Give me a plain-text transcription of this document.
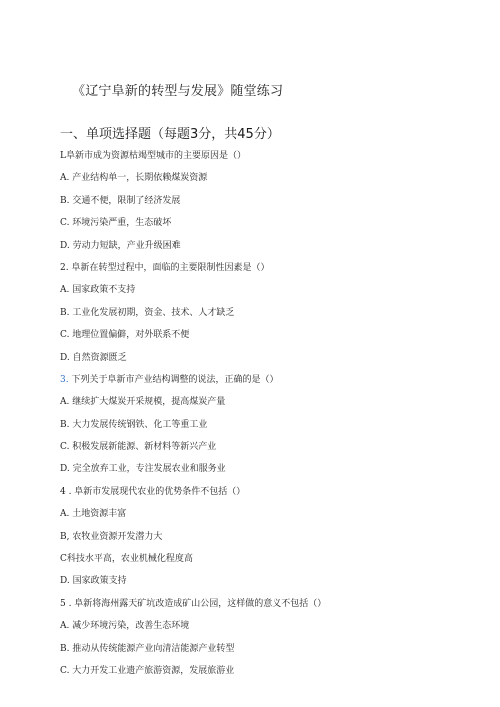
《辽宁阜新的转型与发展》随堂练习
一、单项选择题（每题3分，共45分）
L阜新市成为资源枯竭型城市的主要原因是（）
A. 产业结构单一，长期依赖煤炭资源
B. 交通不便，限制了经济发展
C. 环境污染严重，生态破坏
D. 劳动力短缺，产业升级困难
2. 阜新在转型过程中，面临的主要限制性因素是（）
A. 国家政策不支持
B. 工业化发展初期，资金、技术、人才缺乏
C. 地理位置偏僻，对外联系不便
D. 自然资源匮乏
3. 下列关于阜新市产业结构调整的说法，正确的是（）
A. 继续扩大煤炭开采规模，提高煤炭产量
B. 大力发展传统钢铁、化工等重工业
C. 积极发展新能源、新材料等新兴产业
D. 完全放弃工业，专注发展农业和服务业
4 . 阜新市发展现代农业的优势条件不包括（）
A. 土地资源丰富
B, 农牧业资源开发潜力大
C科技水平高，农业机械化程度高
D. 国家政策支持
5 . 阜新将海州露天矿坑改造成矿山公园，这样做的意义不包括（）
A. 减少环境污染，改善生态环境
B. 推动从传统能源产业向清洁能源产业转型
C. 大力开发工业遗产旅游资源，发展旅游业
